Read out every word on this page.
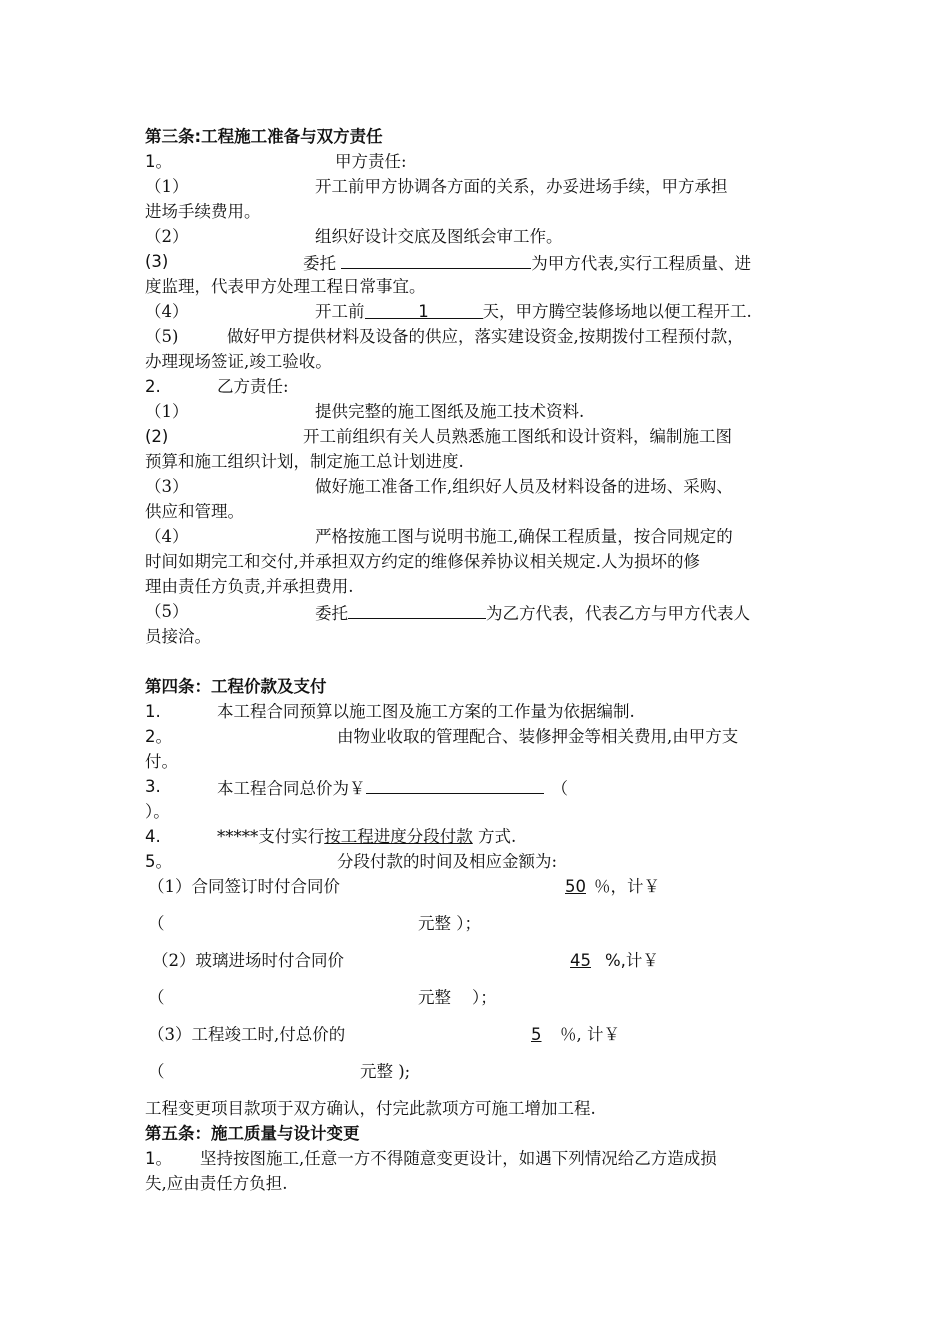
第三条:工程施工准备与双方责任
1。	甲方责任:
（1）	开工前甲方协调各方面的关系，办妥进场手续，甲方承担
进场手续费用。
（2）	组织好设计交底及图纸会审工作。
(3)	委托	为甲方代表,实行工程质量、进
度监理，代表甲方处理工程日常事宜。
（4）	开工前	1	天，甲方腾空装修场地以便工程开工.
（5)	做好甲方提供材料及设备的供应，落实建设资金,按期拨付工程预付款，
办理现场签证,竣工验收。
2.	乙方责任:
（1）	提供完整的施工图纸及施工技术资料.
(2)	开工前组织有关人员熟悉施工图纸和设计资料，编制施工图
预算和施工组织计划，制定施工总计划进度.
（3）	做好施工准备工作,组织好人员及材料设备的进场、采购、
供应和管理。
（4）	严格按施工图与说明书施工,确保工程质量，按合同规定的
时间如期完工和交付,并承担双方约定的维修保养协议相关规定.人为损坏的修
理由责任方负责,并承担费用.
（5）	委托	为乙方代表，代表乙方与甲方代表人
员接洽。
第四条：工程价款及支付
1.	本工程合同预算以施工图及施工方案的工作量为依据编制.
2。	由物业收取的管理配合、装修押金等相关费用,由甲方支
付。
3.	本工程合同总价为￥	（
）。
4.	*****支付实行按工程进度分段付款 方式.
5。	分段付款的时间及相应金额为:
（1）合同签订时付合同价	50 ％，计￥
（	元整 ）；
（2）玻璃进场时付合同价	45 %,计￥
（	元整    ）；
（3）工程竣工时,付总价的	5 ％, 计￥
（	元整 );
工程变更项目款项于双方确认，付完此款项方可施工增加工程.
第五条：施工质量与设计变更
1。 坚持按图施工,任意一方不得随意变更设计，如遇下列情况给乙方造成损
失,应由责任方负担.
